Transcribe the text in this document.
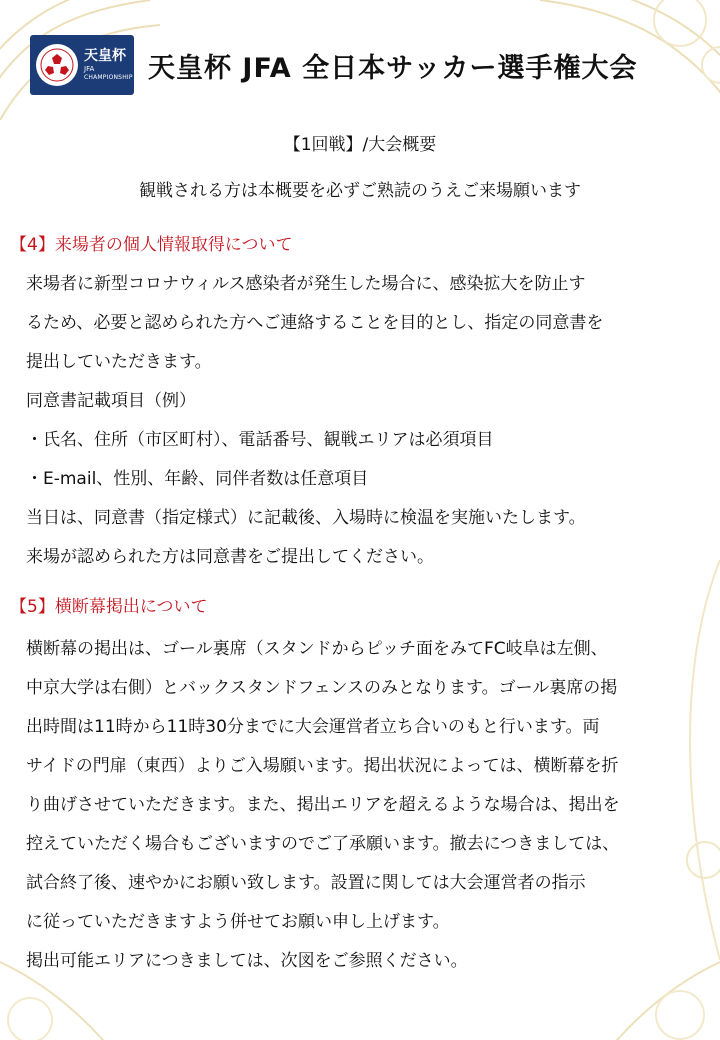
天皇杯
JFA
CHAMPIONSHIP 天皇杯 JFA 全日本サッカー選手権大会
【1回戦】/大会概要
観戦される方は本概要を必ずご熟読のうえご来場願います
【4】来場者の個人情報取得について
来場者に新型コロナウィルス感染者が発生した場合に、感染拡大を防止す
るため、必要と認められた方へご連絡することを目的とし、指定の同意書を
提出していただきます。
同意書記載項目（例）
・氏名、住所（市区町村）、電話番号、観戦エリアは必須項目
・E-mail、性別、年齢、同伴者数は任意項目
当日は、同意書（指定様式）に記載後、入場時に検温を実施いたします。
来場が認められた方は同意書をご提出してください。
【5】横断幕掲出について
横断幕の掲出は、ゴール裏席（スタンドからピッチ面をみてFC岐阜は左側、
中京大学は右側）とバックスタンドフェンスのみとなります。ゴール裏席の掲
出時間は11時から11時30分までに大会運営者立ち合いのもと行います。両
サイドの門扉（東西）よりご入場願います。掲出状況によっては、横断幕を折
り曲げさせていただきます。また、掲出エリアを超えるような場合は、掲出を
控えていただく場合もございますのでご了承願います。撤去につきましては、
試合終了後、速やかにお願い致します。設置に関しては大会運営者の指示
に従っていただきますよう併せてお願い申し上げます。
掲出可能エリアにつきましては、次図をご参照ください。
